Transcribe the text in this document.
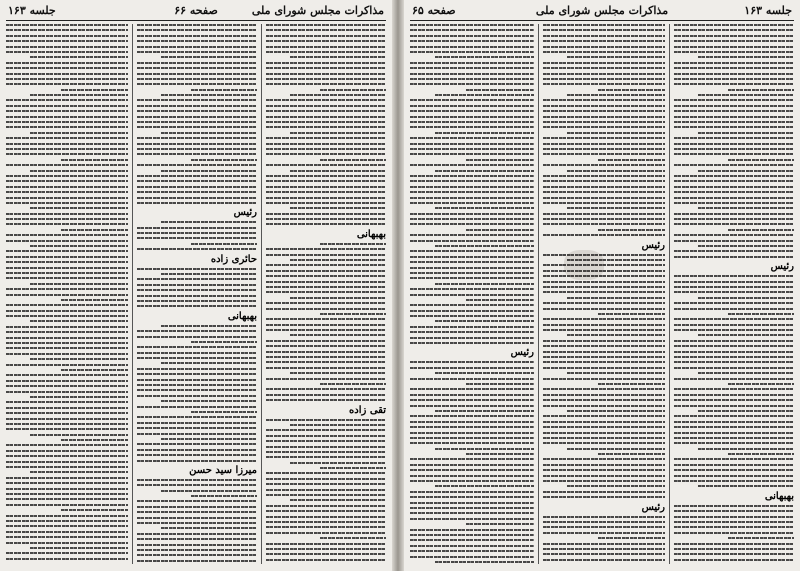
مذاکرات مجلس شورای ملی
صفحه ۶۶
جلسه ۱۶۳
بهبهانی
تقی زاده
رئیس
حائری زاده
بهبهانی
میرزا سید حسن
جلسه ۱۶۳
مذاکرات مجلس شورای ملی
صفحه ۶۵
رئیس
بهبهانی
رئیس
رئیس
رئیس
